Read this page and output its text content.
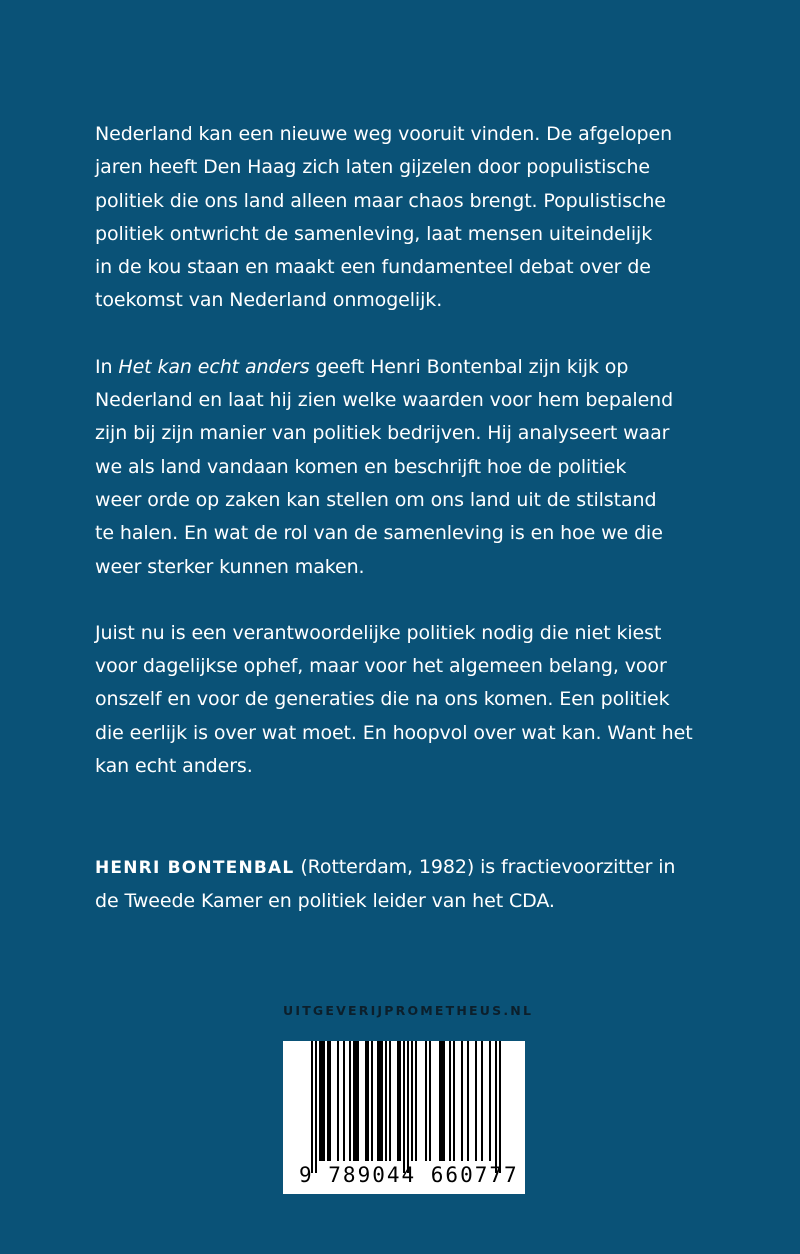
Nederland kan een nieuwe weg vooruit vinden. De afgelopen
jaren heeft Den Haag zich laten gijzelen door populistische
politiek die ons land alleen maar chaos brengt. Populistische
politiek ontwricht de samenleving, laat mensen uiteindelijk
in de kou staan en maakt een fundamenteel debat over de
toekomst van Nederland onmogelijk.
In Het kan echt anders geeft Henri Bontenbal zijn kijk op
Nederland en laat hij zien welke waarden voor hem bepalend
zijn bij zijn manier van politiek bedrijven. Hij analyseert waar
we als land vandaan komen en beschrijft hoe de politiek
weer orde op zaken kan stellen om ons land uit de stilstand
te halen. En wat de rol van de samenleving is en hoe we die
weer sterker kunnen maken.
Juist nu is een verantwoordelijke politiek nodig die niet kiest
voor dagelijkse ophef, maar voor het algemeen belang, voor
onszelf en voor de generaties die na ons komen. Een politiek
die eerlijk is over wat moet. En hoopvol over wat kan. Want het
kan echt anders.
HENRI BONTENBAL (Rotterdam, 1982) is fractievoorzitter in
de Tweede Kamer en politiek leider van het CDA.
UITGEVERIJPROMETHEUS.NL
9 789044 660777
